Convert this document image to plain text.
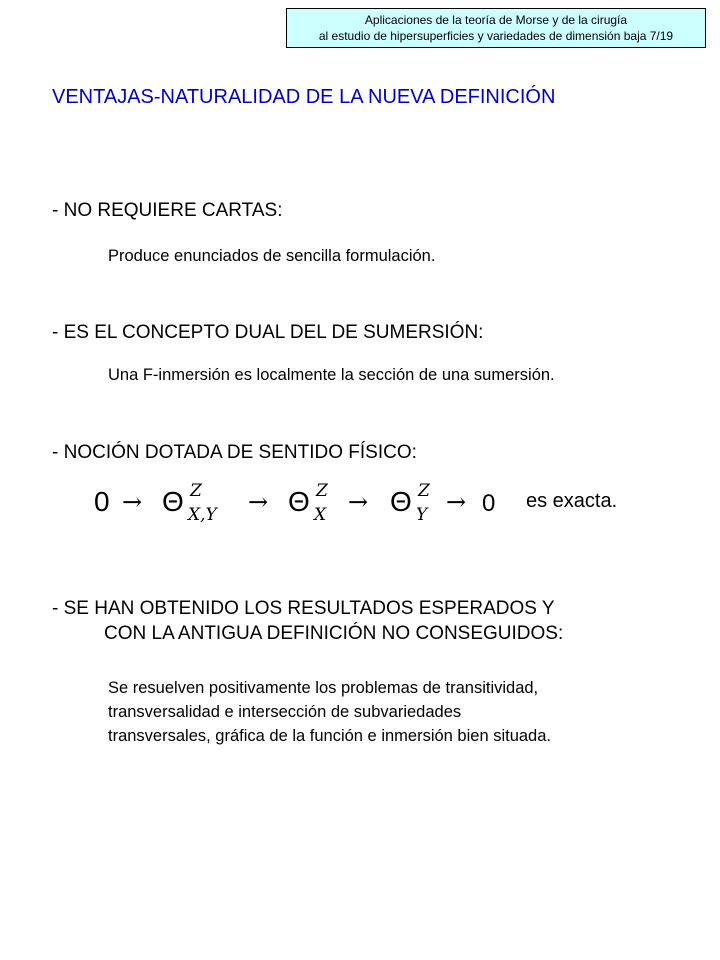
Aplicaciones de la teoría de Morse y de la cirugía
al estudio de hipersuperficies y variedades de dimensión baja 7/19
VENTAJAS-NATURALIDAD DE LA NUEVA DEFINICIÓN
- NO REQUIERE CARTAS:
Produce enunciados de sencilla formulación.
- ES EL CONCEPTO DUAL DEL DE SUMERSIÓN:
Una F-inmersión es localmente la sección de una sumersión.
- NOCIÓN DOTADA DE SENTIDO FÍSICO:
0 → Θ Z
X,Y → Θ Z
X → Θ Z
Y → 0 es exacta.
- SE HAN OBTENIDO LOS RESULTADOS ESPERADOS Y
CON LA ANTIGUA DEFINICIÓN NO CONSEGUIDOS:
Se resuelven positivamente los problemas de transitividad,
transversalidad e intersección de subvariedades
transversales, gráfica de la función e inmersión bien situada.
